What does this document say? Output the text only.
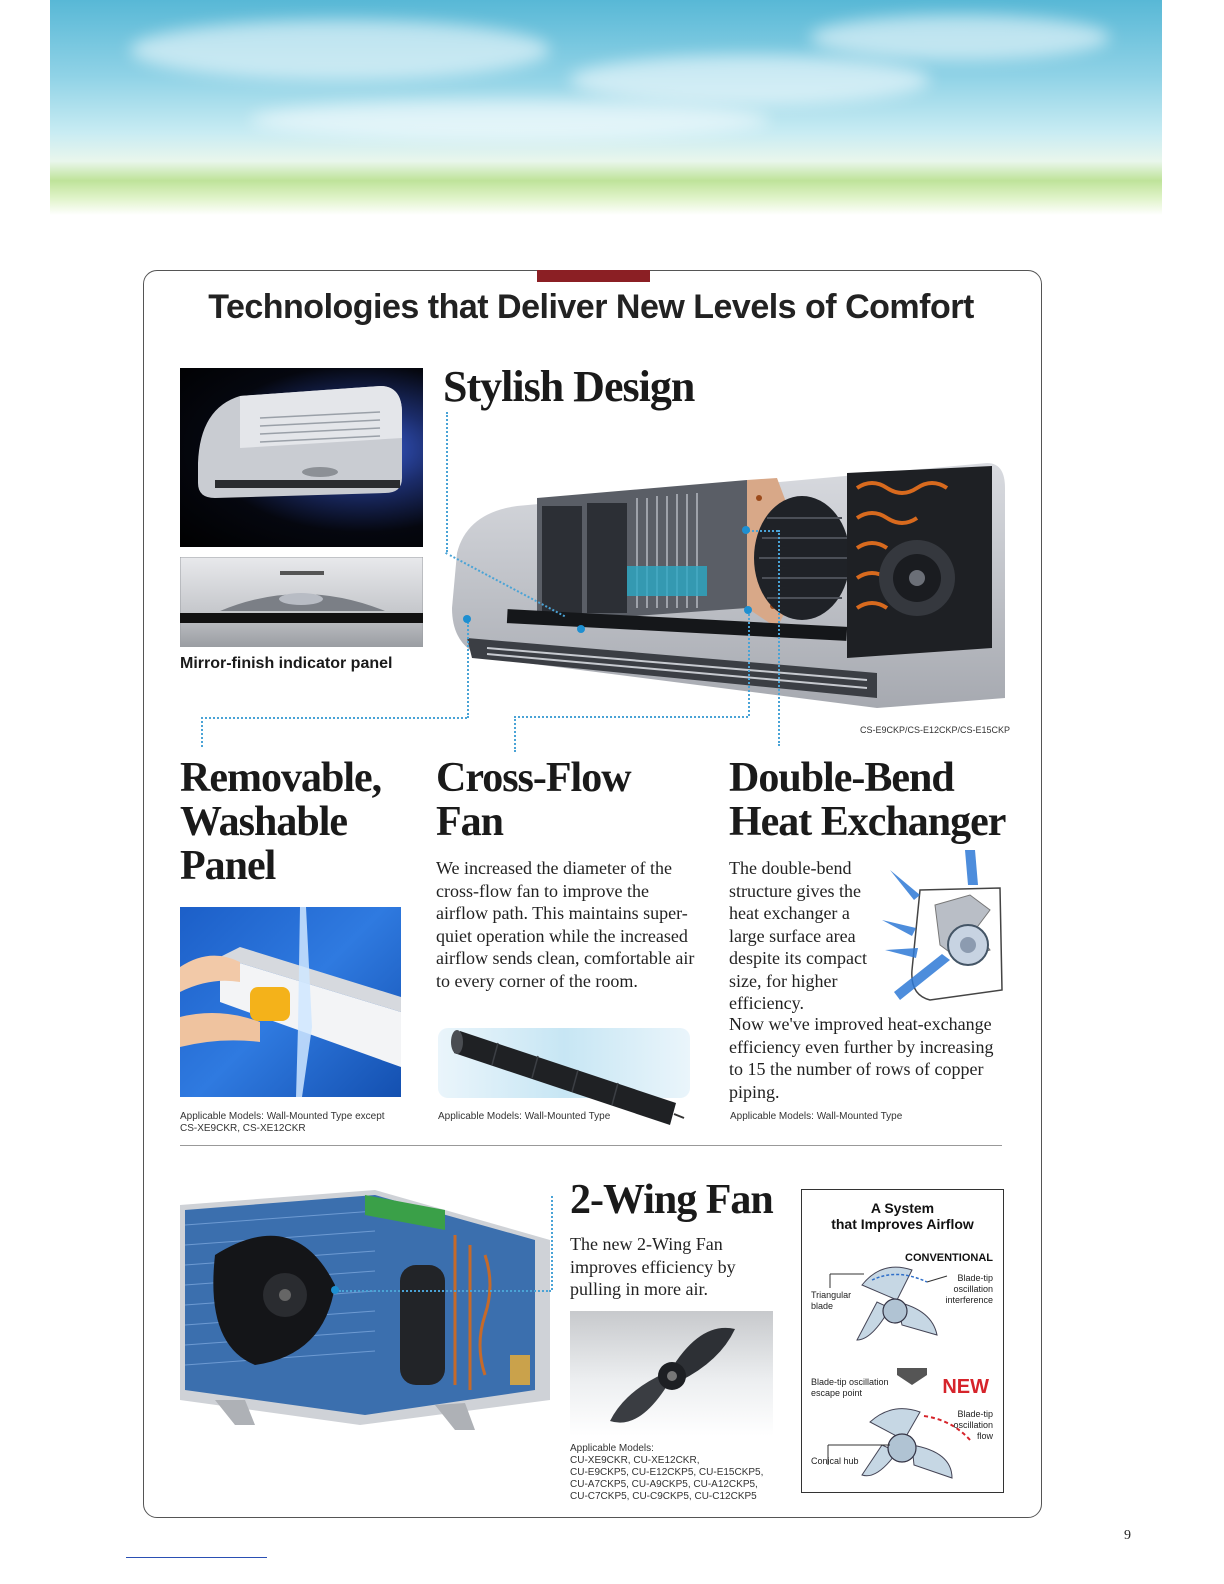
Technologies that Deliver New Levels of Comfort
Mirror-finish indicator panel
Stylish Design
CS-E9CKP/CS-E12CKP/CS-E15CKP
Removable,
Washable
Panel
Applicable Models: Wall-Mounted Type except
CS-XE9CKR, CS-XE12CKR
Cross-Flow
Fan
We increased the diameter of the cross-flow fan to improve the airflow path. This maintains super-quiet operation while the increased airflow sends clean, comfortable air to every corner of the room.
Applicable Models: Wall-Mounted Type
Double-Bend
Heat Exchanger
The double-bend structure gives the heat exchanger a large surface area despite its compact size, for higher efficiency.
Now we've improved heat-exchange efficiency even further by increasing to 15 the number of rows of copper piping.
Applicable Models: Wall-Mounted Type
2-Wing Fan
The new 2-Wing Fan improves efficiency by pulling in more air.
Applicable Models:
CU-XE9CKR, CU-XE12CKR,
CU-E9CKP5, CU-E12CKP5, CU-E15CKP5,
CU-A7CKP5, CU-A9CKP5, CU-A12CKP5,
CU-C7CKP5, CU-C9CKP5, CU-C12CKP5
A System
that Improves Airflow
CONVENTIONAL
Triangular
blade
Blade-tip
oscillation
interference
Blade-tip oscillation
escape point	NEW
Blade-tip
oscillation
flow
Conical hub
9
